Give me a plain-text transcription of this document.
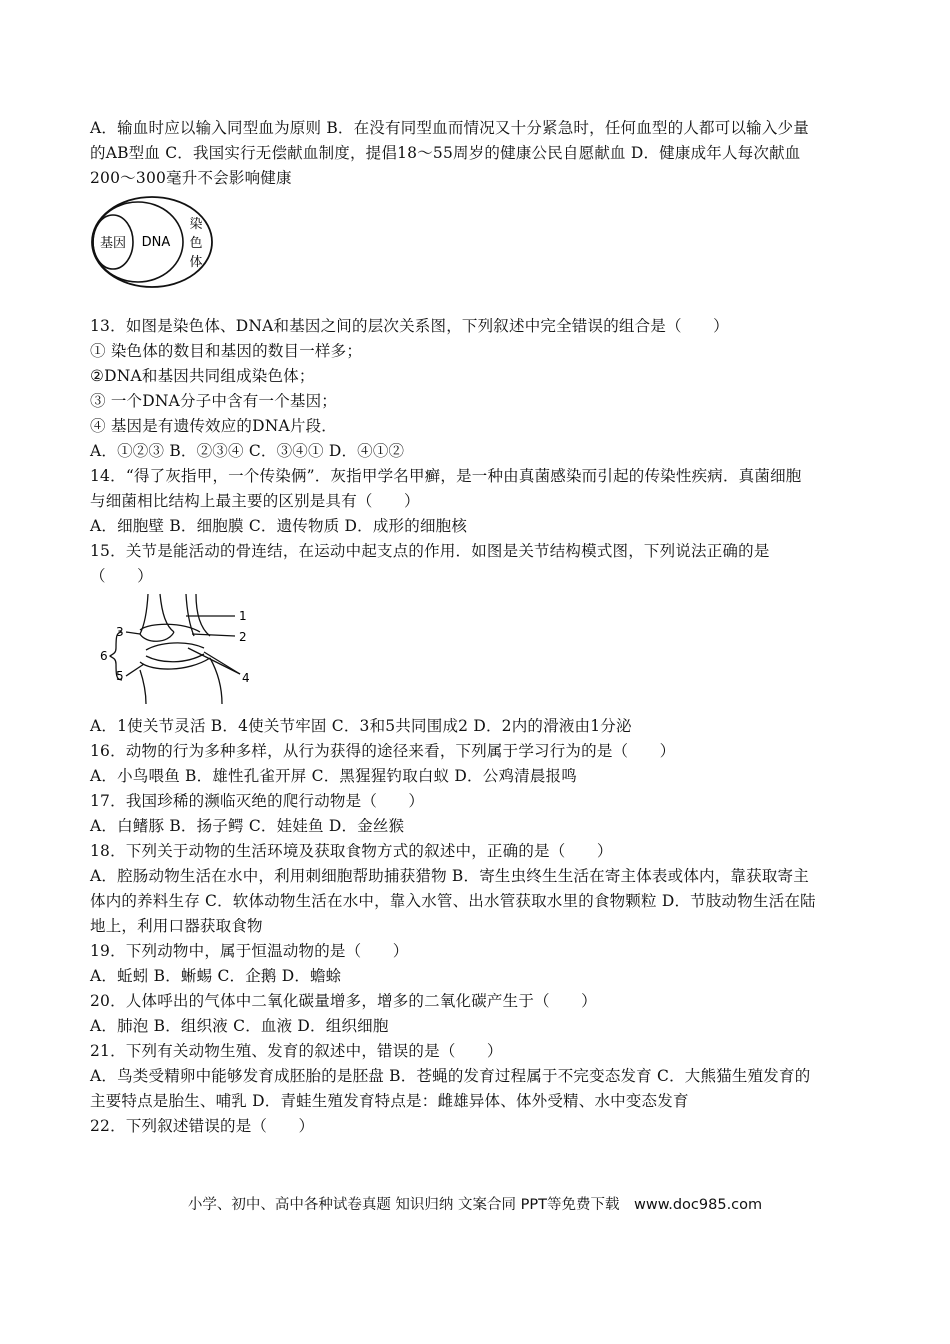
A．输血时应以输入同型血为原则 B．在没有同型血而情况又十分紧急时，任何血型的人都可以输入少量
的AB型血 C．我国实行无偿献血制度，提倡18～55周岁的健康公民自愿献血 D．健康成年人每次献血
200～300毫升不会影响健康
基因 DNA
染
色
体
13．如图是染色体、DNA和基因之间的层次关系图，下列叙述中完全错误的组合是（　　）
① 染色体的数目和基因的数目一样多；
②DNA和基因共同组成染色体；
③ 一个DNA分子中含有一个基因；
④ 基因是有遗传效应的DNA片段．
A．①②③ B．②③④ C．③④① D．④①②
14．“得了灰指甲，一个传染俩”．灰指甲学名甲癣，是一种由真菌感染而引起的传染性疾病．真菌细胞
与细菌相比结构上最主要的区别是具有（　　）
A．细胞壁 B．细胞膜 C．遗传物质 D．成形的细胞核
15．关节是能活动的骨连结，在运动中起支点的作用．如图是关节结构模式图，下列说法正确的是
（　　）
1
2
3
4
5
6
A．1使关节灵活 B．4使关节牢固 C．3和5共同围成2 D．2内的滑液由1分泌
16．动物的行为多种多样，从行为获得的途径来看，下列属于学习行为的是（　　）
A．小鸟喂鱼 B．雄性孔雀开屏 C．黑猩猩钓取白蚁 D．公鸡清晨报鸣
17．我国珍稀的濒临灭绝的爬行动物是（　　）
A．白鳍豚 B．扬子鳄 C．娃娃鱼 D．金丝猴
18．下列关于动物的生活环境及获取食物方式的叙述中，正确的是（　　）
A．腔肠动物生活在水中，利用刺细胞帮助捕获猎物 B．寄生虫终生生活在寄主体表或体内，靠获取寄主
体内的养料生存 C．软体动物生活在水中，靠入水管、出水管获取水里的食物颗粒 D．节肢动物生活在陆
地上，利用口器获取食物
19．下列动物中，属于恒温动物的是（　　）
A．蚯蚓 B．蜥蜴 C．企鹅 D．蟾蜍
20．人体呼出的气体中二氧化碳量增多，增多的二氧化碳产生于（　　）
A．肺泡 B．组织液 C．血液 D．组织细胞
21．下列有关动物生殖、发育的叙述中，错误的是（　　）
A．鸟类受精卵中能够发育成胚胎的是胚盘 B．苍蝇的发育过程属于不完变态发育 C．大熊猫生殖发育的
主要特点是胎生、哺乳 D．青蛙生殖发育特点是：雌雄异体、体外受精、水中变态发育
22．下列叙述错误的是（　　）
小学、初中、高中各种试卷真题 知识归纳 文案合同 PPT等免费下载　www.doc985.com
